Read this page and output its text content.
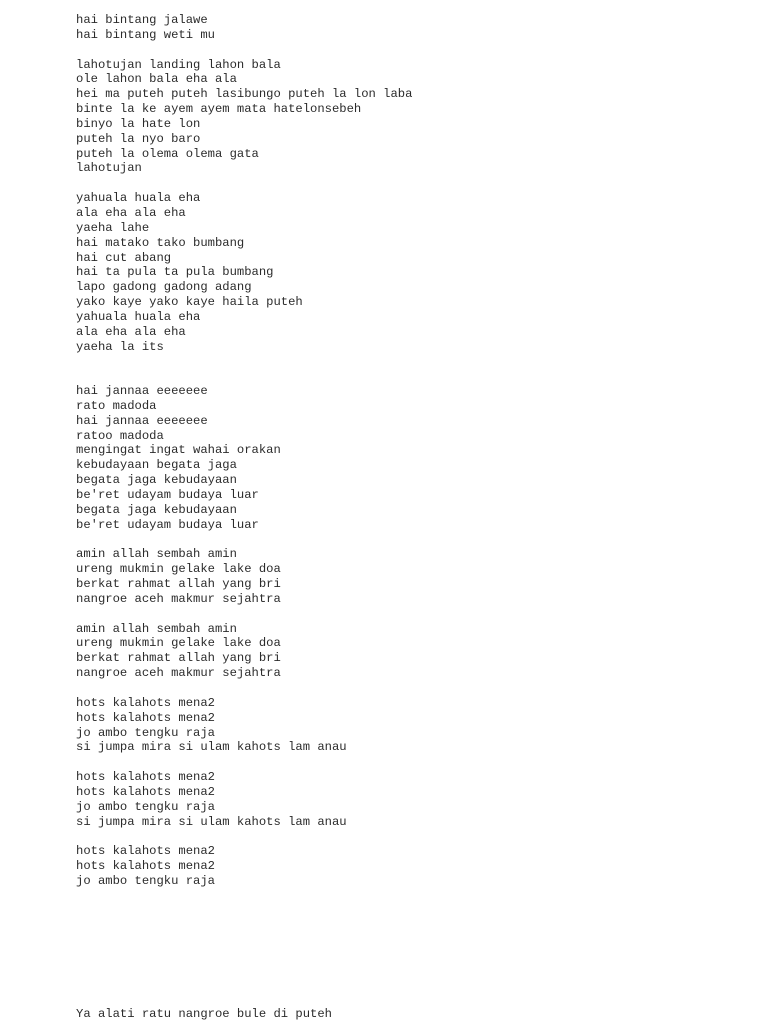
hai bintang jalawe
hai bintang weti mu
lahotujan landing lahon bala
ole lahon bala eha ala
hei ma puteh puteh lasibungo puteh la lon laba
binte la ke ayem ayem mata hatelonsebeh
binyo la hate lon
puteh la nyo baro
puteh la olema olema gata
lahotujan
yahuala huala eha
ala eha ala eha
yaeha lahe
hai matako tako bumbang
hai cut abang
hai ta pula ta pula bumbang
lapo gadong gadong adang
yako kaye yako kaye haila puteh
yahuala huala eha
ala eha ala eha
yaeha la its
hai jannaa eeeeeee
rato madoda
hai jannaa eeeeeee
ratoo madoda
mengingat ingat wahai orakan
kebudayaan begata jaga
begata jaga kebudayaan
be'ret udayam budaya luar
begata jaga kebudayaan
be'ret udayam budaya luar
amin allah sembah amin
ureng mukmin gelake lake doa
berkat rahmat allah yang bri
nangroe aceh makmur sejahtra
amin allah sembah amin
ureng mukmin gelake lake doa
berkat rahmat allah yang bri
nangroe aceh makmur sejahtra
hots kalahots mena2
hots kalahots mena2
jo ambo tengku raja
si jumpa mira si ulam kahots lam anau
hots kalahots mena2
hots kalahots mena2
jo ambo tengku raja
si jumpa mira si ulam kahots lam anau
hots kalahots mena2
hots kalahots mena2
jo ambo tengku raja
Ya alati ratu nangroe bule di puteh
